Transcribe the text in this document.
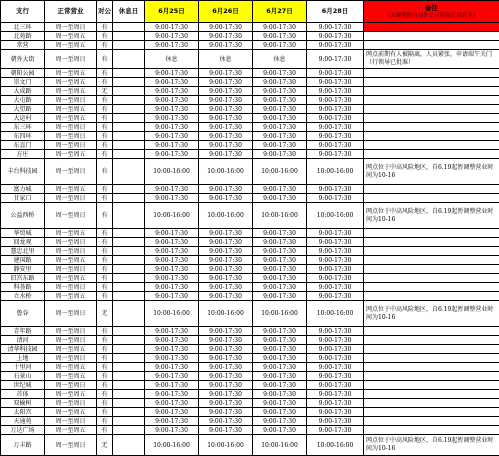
支行	正常营业	对公	休息日	6月25日	6月26日	6月27日	6月28日	备注
（未说明的按对外公示时间正常营业）

北三环	周一至周日	有		9:00-17:30	9:00-17:30	9:00-17:30	9:00-17:30	
北苑路	周一至周五	有		9:00-17:30	9:00-17:30	9:00-17:30	9:00-17:30	
常营	周一至周五	有		9:00-17:30	9:00-17:30	9:00-17:30	9:00-17:30	
朝外大街	周一至周日	有		休息	休息	休息	9:00-17:30	网点前期有人被隔离，人员紧张，申请端午关门（行领导已批准）
朝阳公园	周一至周五	有		9:00-17:30	9:00-17:30	9:00-17:30	9:00-17:30	
崇文门	周一至周五	有		9:00-17:30	9:00-17:30	9:00-17:30	9:00-17:30	
大成路	周一至周五	无		9:00-17:30	9:00-17:30	9:00-17:30	9:00-17:30	
大屯路	周一至周日	有		9:00-17:30	9:00-17:30	9:00-17:30	9:00-17:30	
大望路	周一至周五	有		9:00-17:30	9:00-17:30	9:00-17:30	9:00-17:30	
大运村	周一至周五	有		9:00-17:30	9:00-17:30	9:00-17:30	9:00-17:30	
东三环	周一至周日	有		9:00-17:30	9:00-17:30	9:00-17:30	9:00-17:30	
东四环	周一至周日	有		9:00-17:30	9:00-17:30	9:00-17:30	9:00-17:30	
东直门	周一至周日	有		9:00-17:30	9:00-17:30	9:00-17:30	9:00-17:30	
方庄	周一至周五	有		9:00-17:30	9:00-17:30	9:00-17:30	9:00-17:30	
丰台科技园	周一至周日	有		10:00-16:00	10:00-16:00	10:00-16:00	10:00-16:00	网点位于中高风险地区，自6.19起暂调整营业时间为10-16
富力城	周一至周五	有		9:00-17:30	9:00-17:30	9:00-17:30	9:00-17:30	
甘家口	周一至周日	有		9:00-17:30	9:00-17:30	9:00-17:30	9:00-17:30	
公益西桥	周一至周日	有		10:00-16:00	10:00-16:00	10:00-16:00	10:00-16:00	网点位于中高风险地区，自6.19起暂调整营业时间为10-16
华贸城	周一至周五	有		9:00-17:30	9:00-17:30	9:00-17:30	9:00-17:30	
回龙观	周一至周日	有		9:00-17:30	9:00-17:30	9:00-17:30	9:00-17:30	
慧忠北里	周一至周日	有		9:00-17:30	9:00-17:30	9:00-17:30	9:00-17:30	
建国路	周一至周五	有		9:00-17:30	9:00-17:30	9:00-17:30	9:00-17:30	
静安里	周一至周日	有		9:00-17:30	9:00-17:30	9:00-17:30	9:00-17:30	
旧宫东路	周一至周五	有		9:00-17:30	9:00-17:30	9:00-17:30	9:00-17:30	
科荟路	周一至周日	有		9:00-17:30	9:00-17:30	9:00-17:30	9:00-17:30	
立水桥	周一至周五	有		9:00-17:30	9:00-17:30	9:00-17:30	9:00-17:30	
鲁谷	周一至周日	无		10:00-16:00	10:00-16:00	10:00-16:00	10:00-16:00	网点位于中高风险地区，自6.19起暂调整营业时间为10-16
青年路	周一至周日	有		9:00-17:30	9:00-17:30	9:00-17:30	9:00-17:30	
清河	周一至周日	有		9:00-17:30	9:00-17:30	9:00-17:30	9:00-17:30	
清华科技园	周一至周五	有		9:00-17:30	9:00-17:30	9:00-17:30	9:00-17:30	
上地	周一至周日	有		9:00-17:30	9:00-17:30	9:00-17:30	9:00-17:30	
十里河	周一至周五	有		9:00-17:30	9:00-17:30	9:00-17:30	9:00-17:30	
石景山	周一至周五	有		9:00-17:30	9:00-17:30	9:00-17:30	9:00-17:30	
世纪城	周一至周日	有		9:00-17:30	9:00-17:30	9:00-17:30	9:00-17:30	
首体	周一至周五	有		9:00-17:30	9:00-17:30	9:00-17:30	9:00-17:30	
双榆树	周一至周日	有		9:00-17:30	9:00-17:30	9:00-17:30	9:00-17:30	
太阳宫	周一至周五	有		9:00-17:30	9:00-17:30	9:00-17:30	9:00-17:30	
天通苑	周一至周日	有		9:00-17:30	9:00-17:30	9:00-17:30	9:00-17:30	
万达广场	周一至周五	有		9:00-17:30	9:00-17:30	9:00-17:30	9:00-17:30	
万丰路	周一至周日	无		10:00-16:00	10:00-16:00	10:00-16:00	10:00-16:00	网点位于中高风险地区，自6.19起暂调整营业时间为10-16
